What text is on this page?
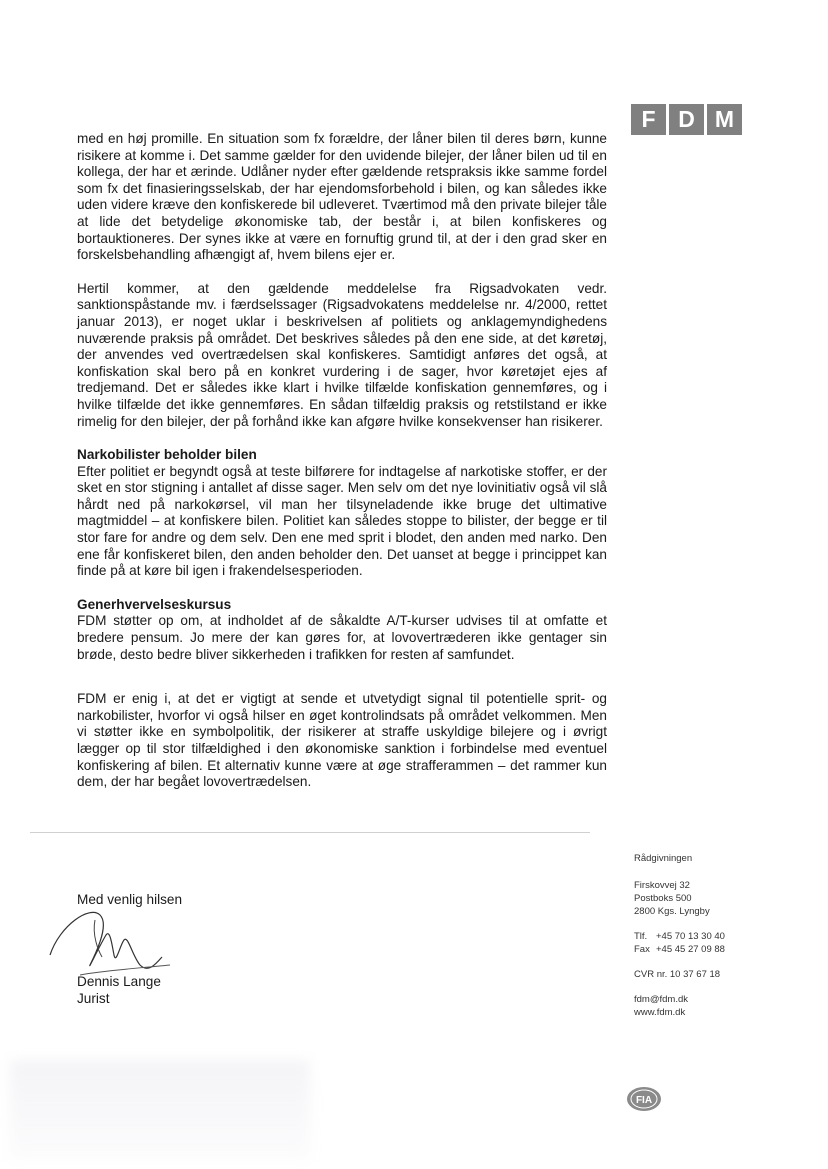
F D M

med en høj promille. En situation som fx forældre, der låner bilen til deres børn, kunne risikere at komme i. Det samme gælder for den uvidende bilejer, der låner bilen ud til en kollega, der har et ærinde. Udlåner nyder efter gældende retspraksis ikke samme fordel som fx det finasieringsselskab, der har ejendomsforbehold i bilen, og kan således ikke uden videre kræve den konfiskerede bil udleveret. Tværtimod må den private bilejer tåle at lide det betydelige økonomiske tab, der består i, at bilen konfiskeres og bortauktioneres. Der synes ikke at være en fornuftig grund til, at der i den grad sker en forskelsbehandling afhængigt af, hvem bilens ejer er.

Hertil kommer, at den gældende meddelelse fra Rigsadvokaten vedr. sanktionspåstande mv. i færdselssager (Rigsadvokatens meddelelse nr. 4/2000, rettet januar 2013), er noget uklar i beskrivelsen af politiets og anklagemyndighedens nuværende praksis på området. Det beskrives således på den ene side, at det køretøj, der anvendes ved overtrædelsen skal konfiskeres. Samtidigt anføres det også, at konfiskation skal bero på en konkret vurdering i de sager, hvor køretøjet ejes af tredjemand. Det er således ikke klart i hvilke tilfælde konfiskation gennemføres, og i hvilke tilfælde det ikke gennemføres. En sådan tilfældig praksis og retstilstand er ikke rimelig for den bilejer, der på forhånd ikke kan afgøre hvilke konsekvenser han risikerer.

Narkobilister beholder bilen

Efter politiet er begyndt også at teste bilførere for indtagelse af narkotiske stoffer, er der sket en stor stigning i antallet af disse sager. Men selv om det nye lovinitiativ også vil slå hårdt ned på narkokørsel, vil man her tilsyneladende ikke bruge det ultimative magtmiddel – at konfiskere bilen. Politiet kan således stoppe to bilister, der begge er til stor fare for andre og dem selv. Den ene med sprit i blodet, den anden med narko. Den ene får konfiskeret bilen, den anden beholder den. Det uanset at begge i princippet kan finde på at køre bil igen i frakendelsesperioden.

Generhvervelseskursus

FDM støtter op om, at indholdet af de såkaldte A/T-kurser udvises til at omfatte et bredere pensum. Jo mere der kan gøres for, at lovovertræderen ikke gentager sin brøde, desto bedre bliver sikkerheden i trafikken for resten af samfundet.

FDM er enig i, at det er vigtigt at sende et utvetydigt signal til potentielle sprit- og narkobilister, hvorfor vi også hilser en øget kontrolindsats på området velkommen. Men vi støtter ikke en symbolpolitik, der risikerer at straffe uskyldige bilejere og i øvrigt lægger op til stor tilfældighed i den økonomiske sanktion i forbindelse med eventuel konfiskering af bilen. Et alternativ kunne være at øge strafferammen – det rammer kun dem, der har begået lovovertrædelsen.

Med venlig hilsen
Dennis Lange
Jurist
Rådgivningen
Firskovvej 32
Postboks 500
2800 Kgs. Lyngby
Tlf. +45 70 13 30 40
Fax +45 45 27 09 88
CVR nr. 10 37 67 18
fdm@fdm.dk
www.fdm.dk
FIA
